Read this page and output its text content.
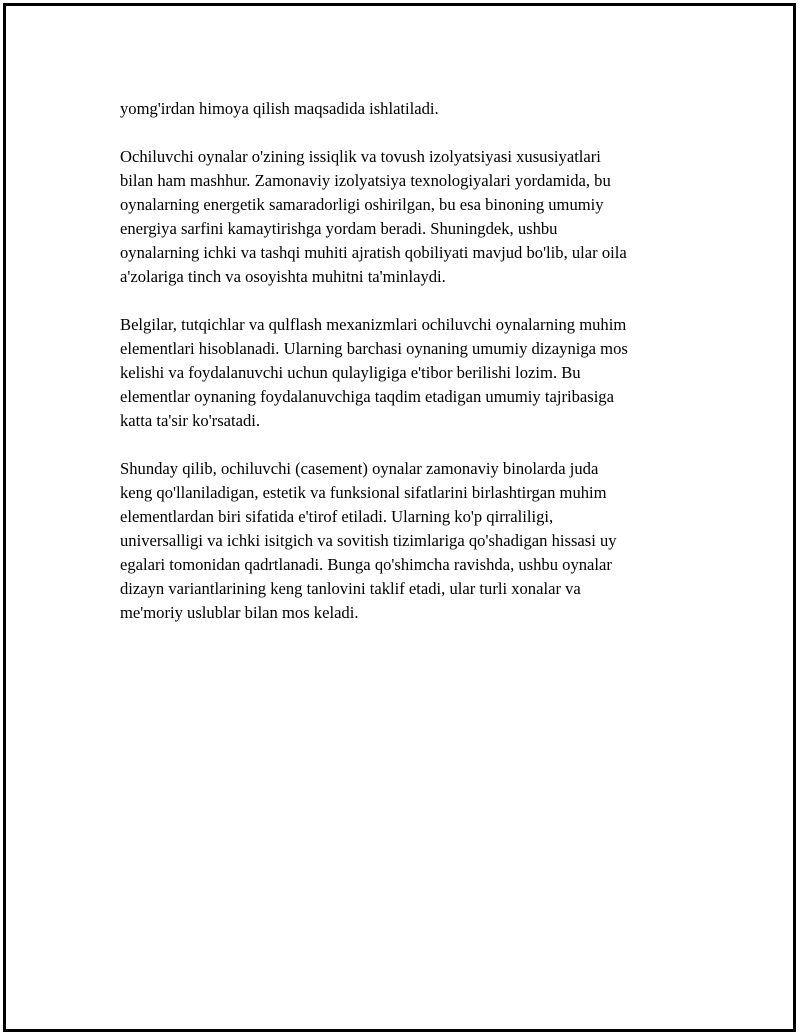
yomg'irdan himoya qilish maqsadida ishlatiladi.

Ochiluvchi oynalar o'zining issiqlik va tovush izolyatsiyasi xususiyatlari
bilan ham mashhur. Zamonaviy izolyatsiya texnologiyalari yordamida, bu
oynalarning energetik samaradorligi oshirilgan, bu esa binoning umumiy
energiya sarfini kamaytirishga yordam beradi. Shuningdek, ushbu
oynalarning ichki va tashqi muhiti ajratish qobiliyati mavjud bo'lib, ular oila
a'zolariga tinch va osoyishta muhitni ta'minlaydi.

Belgilar, tutqichlar va qulflash mexanizmlari ochiluvchi oynalarning muhim
elementlari hisoblanadi. Ularning barchasi oynaning umumiy dizayniga mos
kelishi va foydalanuvchi uchun qulayligiga e'tibor berilishi lozim. Bu
elementlar oynaning foydalanuvchiga taqdim etadigan umumiy tajribasiga
katta ta'sir ko'rsatadi.

Shunday qilib, ochiluvchi (casement) oynalar zamonaviy binolarda juda
keng qo'llaniladigan, estetik va funksional sifatlarini birlashtirgan muhim
elementlardan biri sifatida e'tirof etiladi. Ularning ko'p qirraliligi,
universalligi va ichki isitgich va sovitish tizimlariga qo'shadigan hissasi uy
egalari tomonidan qadrtlanadi. Bunga qo'shimcha ravishda, ushbu oynalar
dizayn variantlarining keng tanlovini taklif etadi, ular turli xonalar va
me'moriy uslublar bilan mos keladi.
